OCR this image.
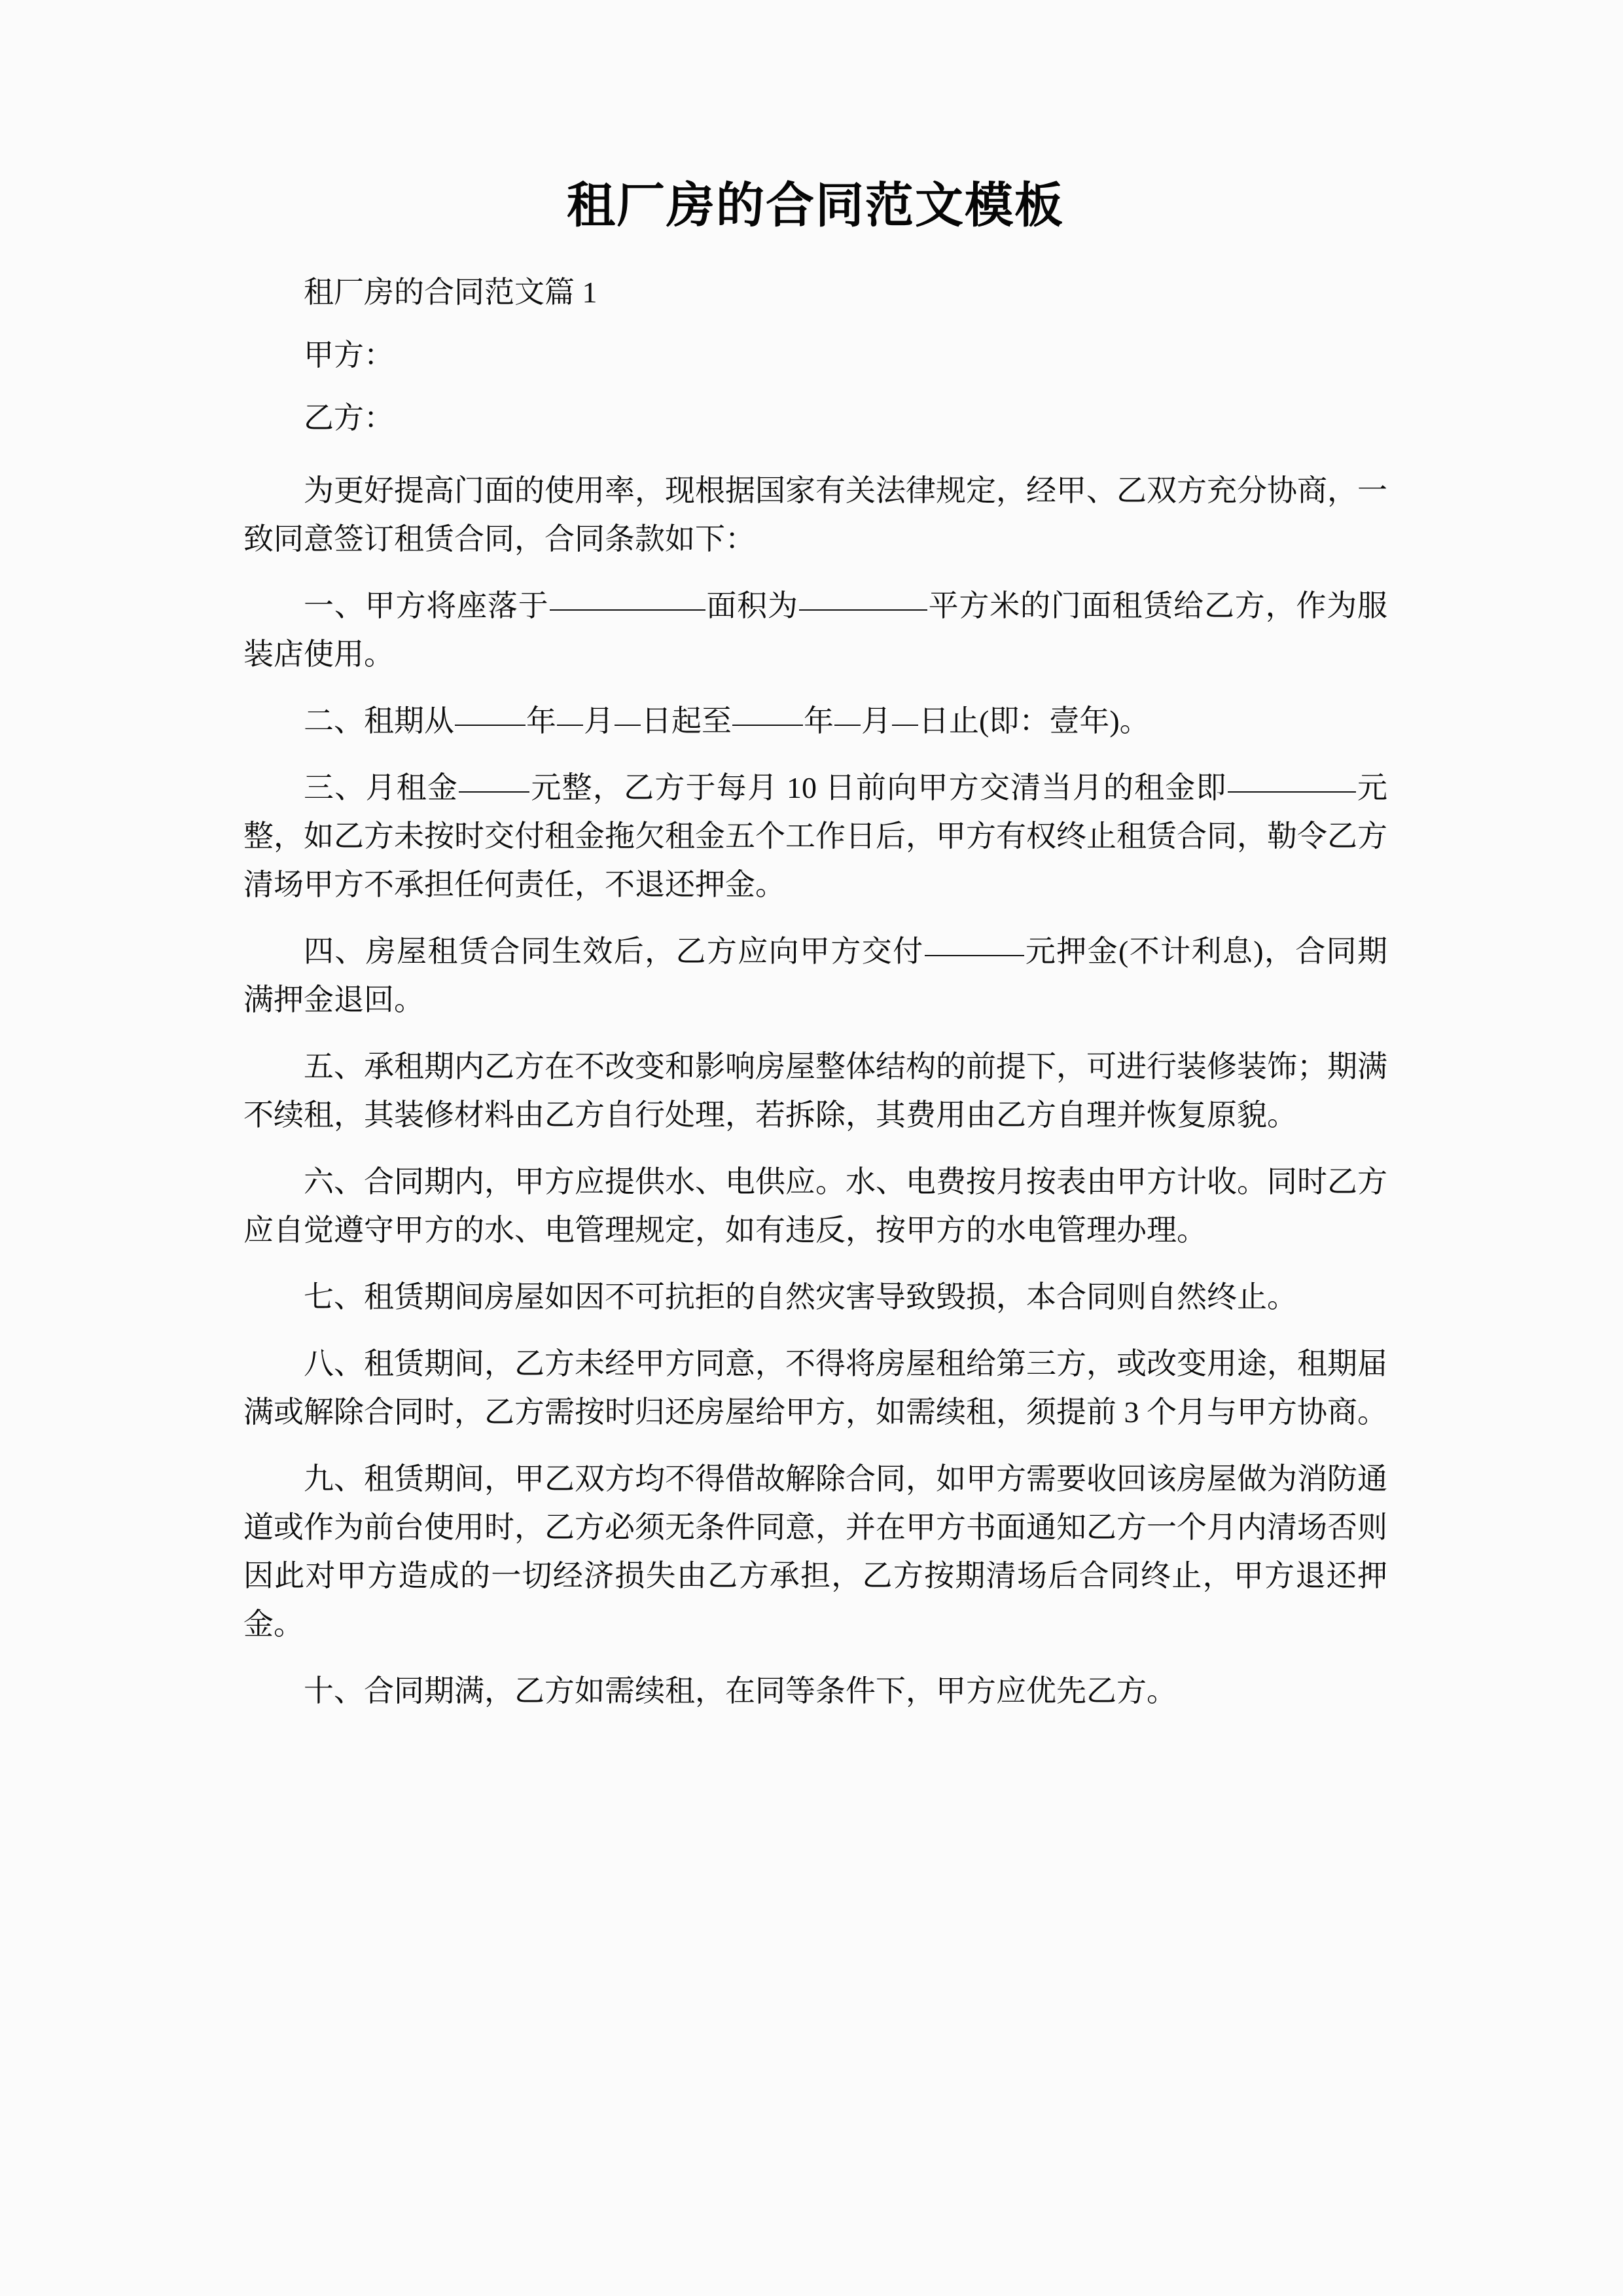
租厂房的合同范文模板

租厂房的合同范文篇 1

甲方：

乙方：

为更好提高门面的使用率，现根据国家有关法律规定，经甲、乙双方充分协商，一致同意签订租赁合同，合同条款如下：

一、甲方将座落于	面积为	平方米的门面租赁给乙方，作为服装店使用。

二、租期从 年 月 日起至 年 月 日止(即：壹年)。

三、月租金 元整，乙方于每月 10 日前向甲方交清当月的租金即	元整，如乙方未按时交付租金拖欠租金五个工作日后，甲方有权终止租赁合同，勒令乙方清场甲方不承担任何责任，不退还押金。

四、房屋租赁合同生效后，乙方应向甲方交付	元押金(不计利息)，合同期满押金退回。

五、承租期内乙方在不改变和影响房屋整体结构的前提下，可进行装修装饰；期满不续租，其装修材料由乙方自行处理，若拆除，其费用由乙方自理并恢复原貌。

六、合同期内，甲方应提供水、电供应。水、电费按月按表由甲方计收。同时乙方应自觉遵守甲方的水、电管理规定，如有违反，按甲方的水电管理办理。

七、租赁期间房屋如因不可抗拒的自然灾害导致毁损，本合同则自然终止。

八、租赁期间，乙方未经甲方同意，不得将房屋租给第三方，或改变用途，租期届满或解除合同时，乙方需按时归还房屋给甲方，如需续租，须提前 3 个月与甲方协商。

九、租赁期间，甲乙双方均不得借故解除合同，如甲方需要收回该房屋做为消防通道或作为前台使用时，乙方必须无条件同意，并在甲方书面通知乙方一个月内清场否则因此对甲方造成的一切经济损失由乙方承担，乙方按期清场后合同终止，甲方退还押金。

十、合同期满，乙方如需续租，在同等条件下，甲方应优先乙方。
